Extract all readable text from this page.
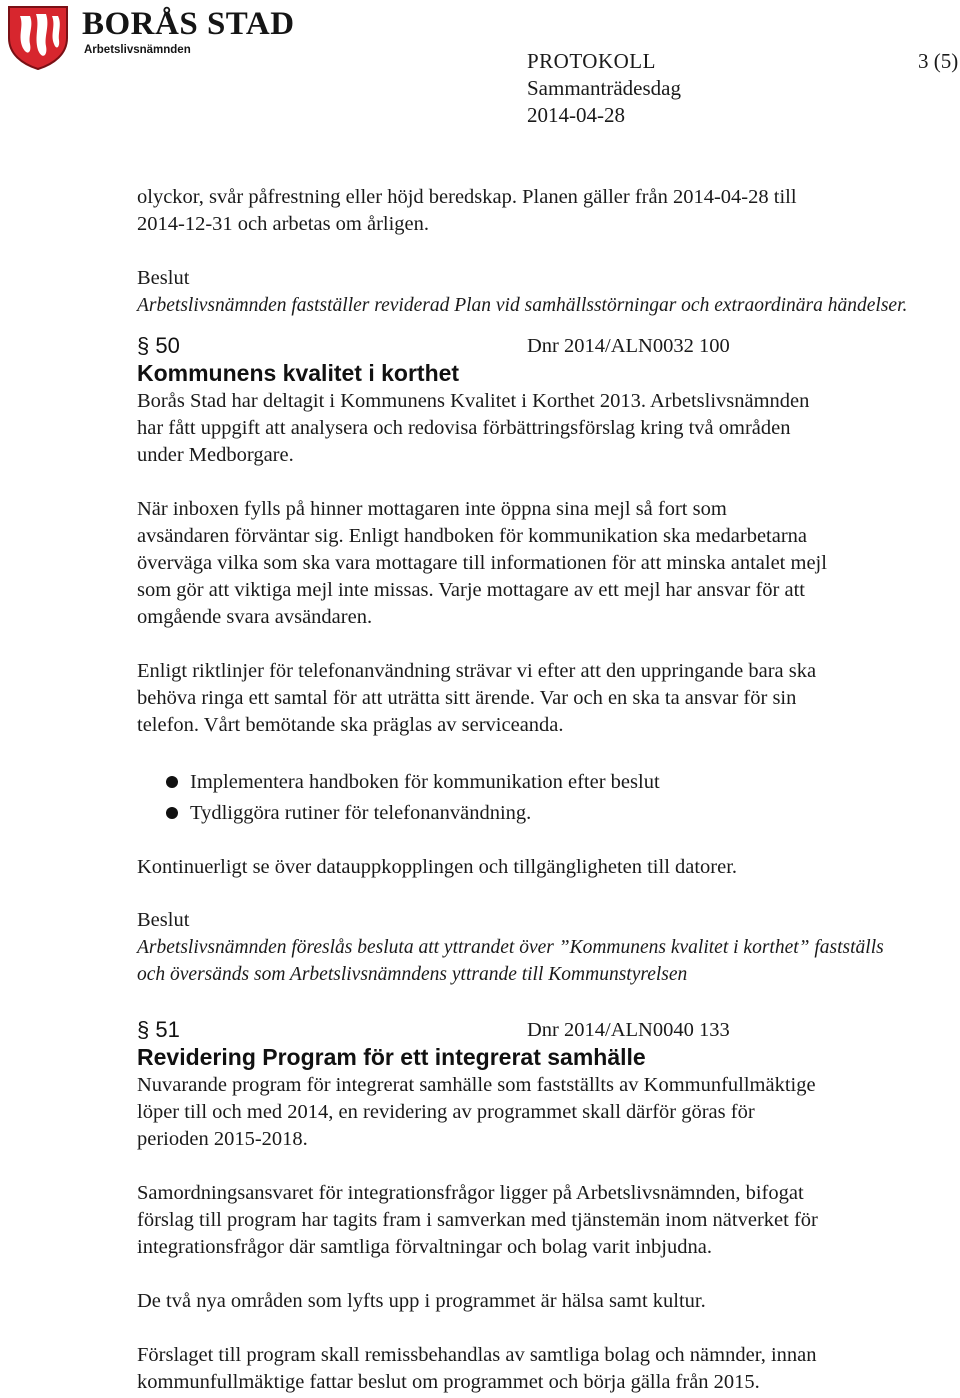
BORÅS STAD
Arbetslivsnämnden	PROTOKOLL	3 (5)
Sammanträdesdag
2014-04-28
olyckor, svår påfrestning eller höjd beredskap. Planen gäller från 2014-04-28 till
2014-12-31 och arbetas om årligen.
Beslut
Arbetslivsnämnden fastställer reviderad Plan vid samhällsstörningar och extraordinära händelser.
§ 50	Dnr 2014/ALN0032 100
Kommunens kvalitet i korthet
Borås Stad har deltagit i Kommunens Kvalitet i Korthet 2013. Arbetslivsnämnden
har fått uppgift att analysera och redovisa förbättringsförslag kring två områden
under Medborgare.
När inboxen fylls på hinner mottagaren inte öppna sina mejl så fort som
avsändaren förväntar sig. Enligt handboken för kommunikation ska medarbetarna
överväga vilka som ska vara mottagare till informationen för att minska antalet mejl
som gör att viktiga mejl inte missas. Varje mottagare av ett mejl har ansvar för att
omgående svara avsändaren.
Enligt riktlinjer för telefonanvändning strävar vi efter att den uppringande bara ska
behöva ringa ett samtal för att uträtta sitt ärende. Var och en ska ta ansvar för sin
telefon. Vårt bemötande ska präglas av serviceanda.
Implementera handboken för kommunikation efter beslut
Tydliggöra rutiner för telefonanvändning.
Kontinuerligt se över datauppkopplingen och tillgängligheten till datorer.
Beslut
Arbetslivsnämnden föreslås besluta att yttrandet över ”Kommunens kvalitet i korthet” fastställs
och översänds som Arbetslivsnämndens yttrande till Kommunstyrelsen
§ 51	Dnr 2014/ALN0040 133
Revidering Program för ett integrerat samhälle
Nuvarande program för integrerat samhälle som fastställts av Kommunfullmäktige
löper till och med 2014, en revidering av programmet skall därför göras för
perioden 2015-2018.
Samordningsansvaret för integrationsfrågor ligger på Arbetslivsnämnden, bifogat
förslag till program har tagits fram i samverkan med tjänstemän inom nätverket för
integrationsfrågor där samtliga förvaltningar och bolag varit inbjudna.
De två nya områden som lyfts upp i programmet är hälsa samt kultur.
Förslaget till program skall remissbehandlas av samtliga bolag och nämnder, innan
kommunfullmäktige fattar beslut om programmet och börja gälla från 2015.
